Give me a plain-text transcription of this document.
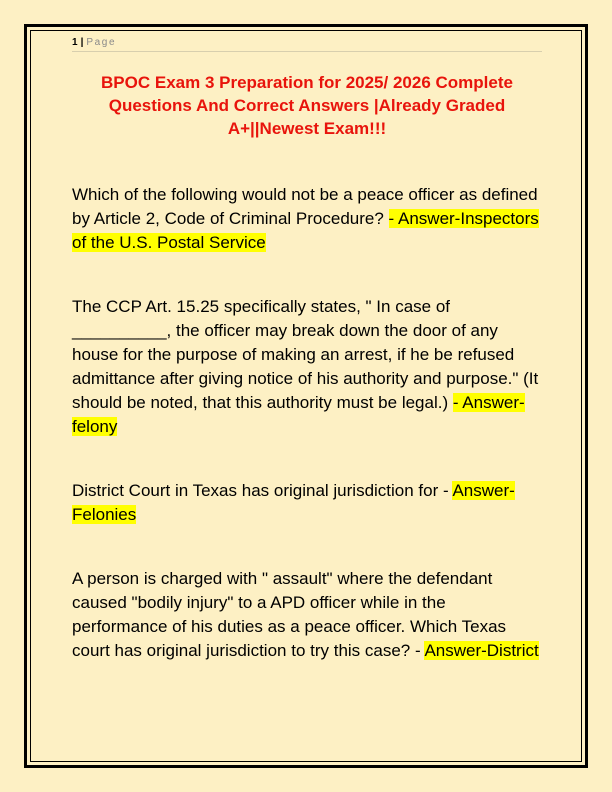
1 | Page
BPOC Exam 3 Preparation for 2025/ 2026 Complete Questions And Correct Answers |Already Graded A+||Newest Exam!!!
Which of the following would not be a peace officer as defined by Article 2, Code of Criminal Procedure? - Answer-Inspectors of the U.S. Postal Service
The CCP Art. 15.25 specifically states, " In case of __________, the officer may break down the door of any house for the purpose of making an arrest, if he be refused admittance after giving notice of his authority and purpose." (It should be noted, that this authority must be legal.) - Answer-felony
District Court in Texas has original jurisdiction for - Answer-Felonies
A person is charged with " assault" where the defendant caused "bodily injury" to a APD officer while in the performance of his duties as a peace officer. Which Texas court has original jurisdiction to try this case? - Answer-District
